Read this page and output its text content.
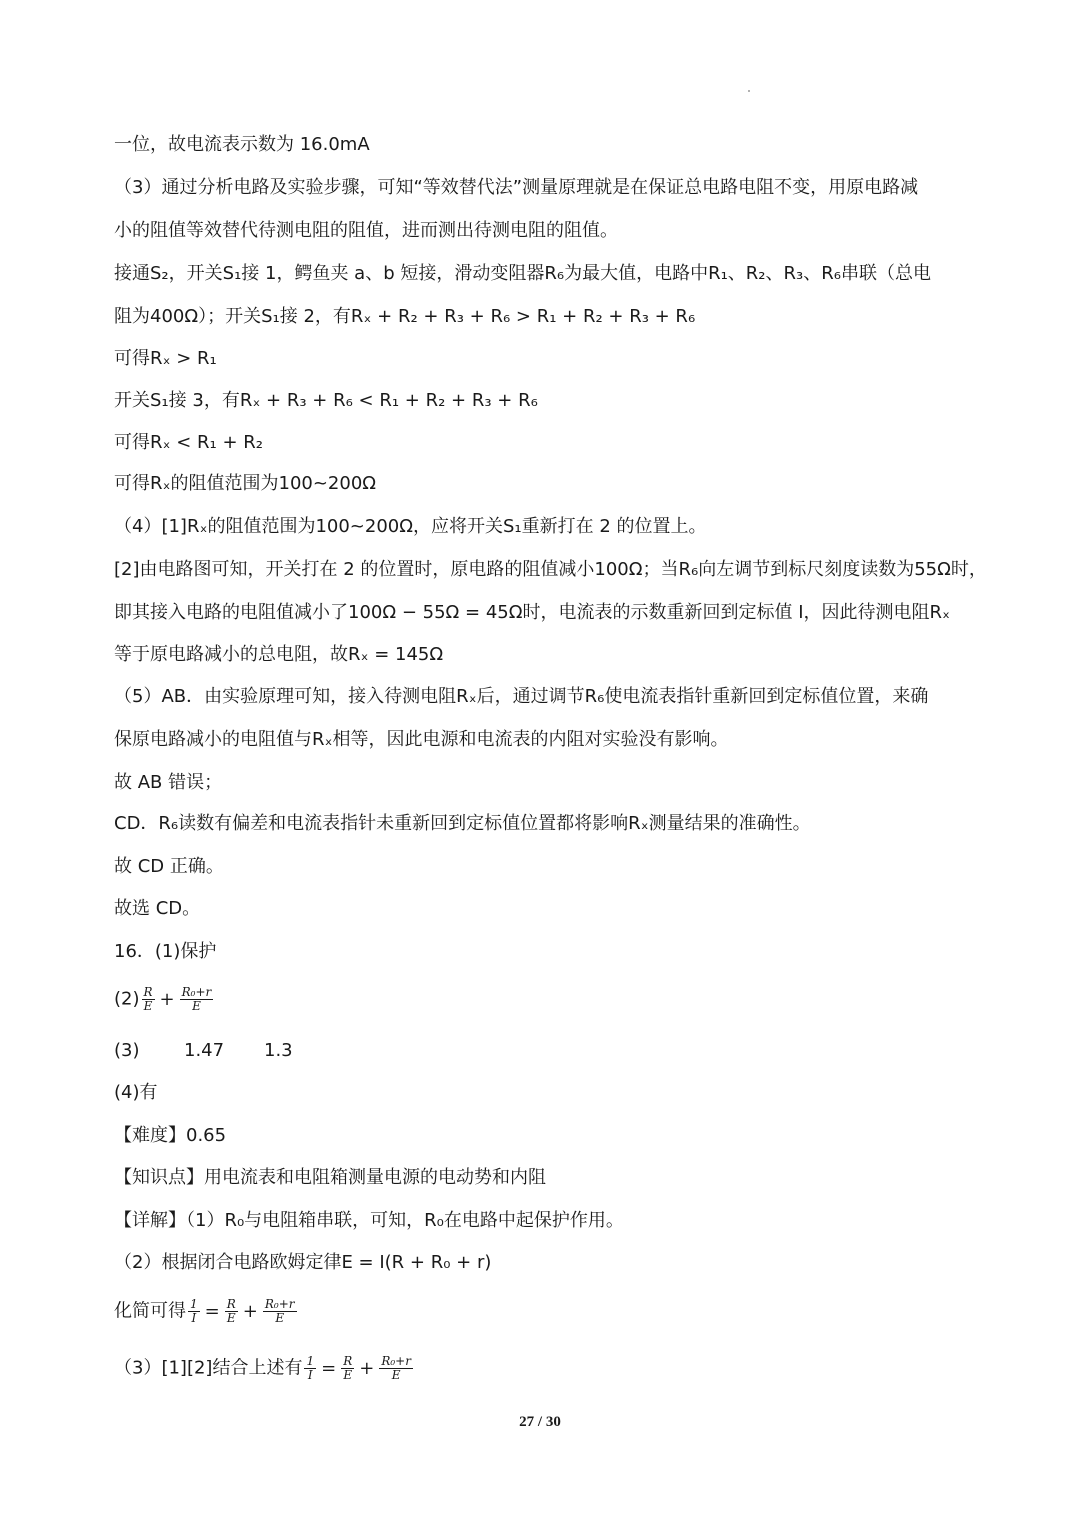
一位，故电流表示数为 16.0mA
（3）通过分析电路及实验步骤，可知“等效替代法”测量原理就是在保证总电路电阻不变，用原电路减
小的阻值等效替代待测电阻的阻值，进而测出待测电阻的阻值。
接通S₂，开关S₁接 1，鳄鱼夹 a、b 短接，滑动变阻器R₆为最大值，电路中R₁、R₂、R₃、R₆串联（总电
阻为400Ω）；开关S₁接 2，有Rₓ + R₂ + R₃ + R₆ > R₁ + R₂ + R₃ + R₆
可得Rₓ > R₁
开关S₁接 3，有Rₓ + R₃ + R₆ < R₁ + R₂ + R₃ + R₆
可得Rₓ < R₁ + R₂
可得Rₓ的阻值范围为100~200Ω
（4）[1]Rₓ的阻值范围为100~200Ω，应将开关S₁重新打在 2 的位置上。
[2]由电路图可知，开关打在 2 的位置时，原电路的阻值减小100Ω；当R₆向左调节到标尺刻度读数为55Ω时，
即其接入电路的电阻值减小了100Ω − 55Ω = 45Ω时，电流表的示数重新回到定标值 I，因此待测电阻Rₓ
等于原电路减小的总电阻，故Rₓ = 145Ω
（5）AB．由实验原理可知，接入待测电阻Rₓ后，通过调节R₆使电流表指针重新回到定标值位置，来确
保原电路减小的电阻值与Rₓ相等，因此电源和电流表的内阻对实验没有影响。
故 AB 错误；
CD．R₆读数有偏差和电流表指针未重新回到定标值位置都将影响Rₓ测量结果的准确性。
故 CD 正确。
故选 CD。
16．(1)保护
$(2) \frac{R}{E} + \frac{\text{R₀+r}}{E}$
(3) 1.47 1.3
(4)有
【难度】0.65
【知识点】用电流表和电阻箱测量电源的电动势和内阻
【详解】（1）R₀与电阻箱串联，可知，R₀在电路中起保护作用。
（2）根据闭合电路欧姆定律E = I(R + R₀ + r)
化简可得 $\frac{1}{I} = \frac{R}{E} + \frac{\text{R₀+r}}{E}$
（3）[1][2]结合上述有 $\frac{1}{I} = \frac{R}{E} + \frac{\text{R₀+r}}{E}$
27 / 30
